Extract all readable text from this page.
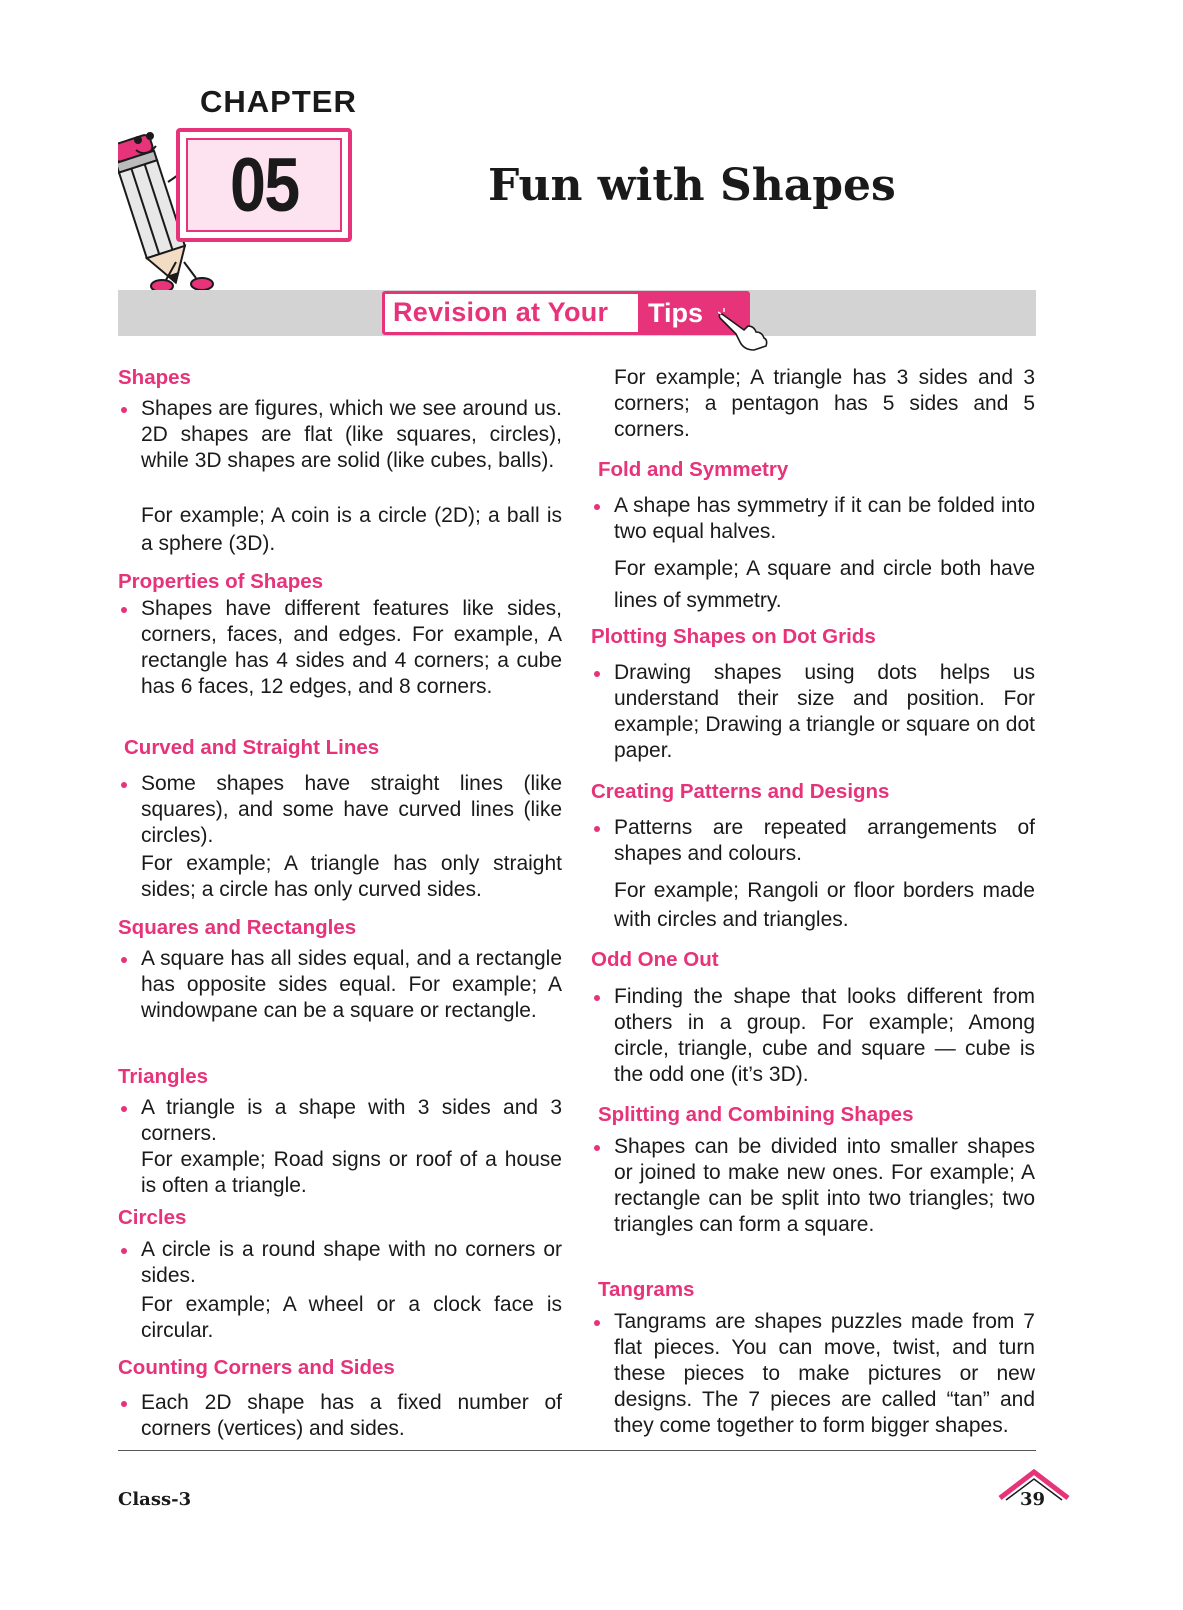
CHAPTER
05	Fun with Shapes
Revision at Your	Tips
Shapes
Shapes are figures, which we see around us. 2D shapes are flat (like squares, circles), while 3D shapes are solid (like cubes, balls).
For example; A coin is a circle (2D); a ball is a sphere (3D).
Properties of Shapes
Shapes have different features like sides, corners, faces, and edges. For example, A rectangle has 4 sides and 4 corners; a cube has 6 faces, 12 edges, and 8 corners.
Curved and Straight Lines
Some shapes have straight lines (like squares), and some have curved lines (like circles).
For example; A triangle has only straight sides; a circle has only curved sides.
Squares and Rectangles
A square has all sides equal, and a rectangle has opposite sides equal. For example; A windowpane can be a square or rectangle.
Triangles
A triangle is a shape with 3 sides and 3 corners.
For example; Road signs or roof of a house is often a triangle.
Circles
A circle is a round shape with no corners or sides.
For example; A wheel or a clock face is circular.
Counting Corners and Sides
Each 2D shape has a fixed number of corners (vertices) and sides.
For example; A triangle has 3 sides and 3 corners; a pentagon has 5 sides and 5 corners.
Fold and Symmetry
A shape has symmetry if it can be folded into two equal halves.
For example; A square and circle both have lines of symmetry.
Plotting Shapes on Dot Grids
Drawing shapes using dots helps us understand their size and position. For example; Drawing a triangle or square on dot paper.
Creating Patterns and Designs
Patterns are repeated arrangements of shapes and colours.
For example; Rangoli or floor borders made with circles and triangles.
Odd One Out
Finding the shape that looks different from others in a group. For example; Among circle, triangle, cube and square — cube is the odd one (it’s 3D).
Splitting and Combining Shapes
Shapes can be divided into smaller shapes or joined to make new ones. For example; A rectangle can be split into two triangles; two triangles can form a square.
Tangrams
Tangrams are shapes puzzles made from 7 flat pieces. You can move, twist, and turn these pieces to make pictures or new designs. The 7 pieces are called “tan” and they come together to form bigger shapes.
Class-3	39
